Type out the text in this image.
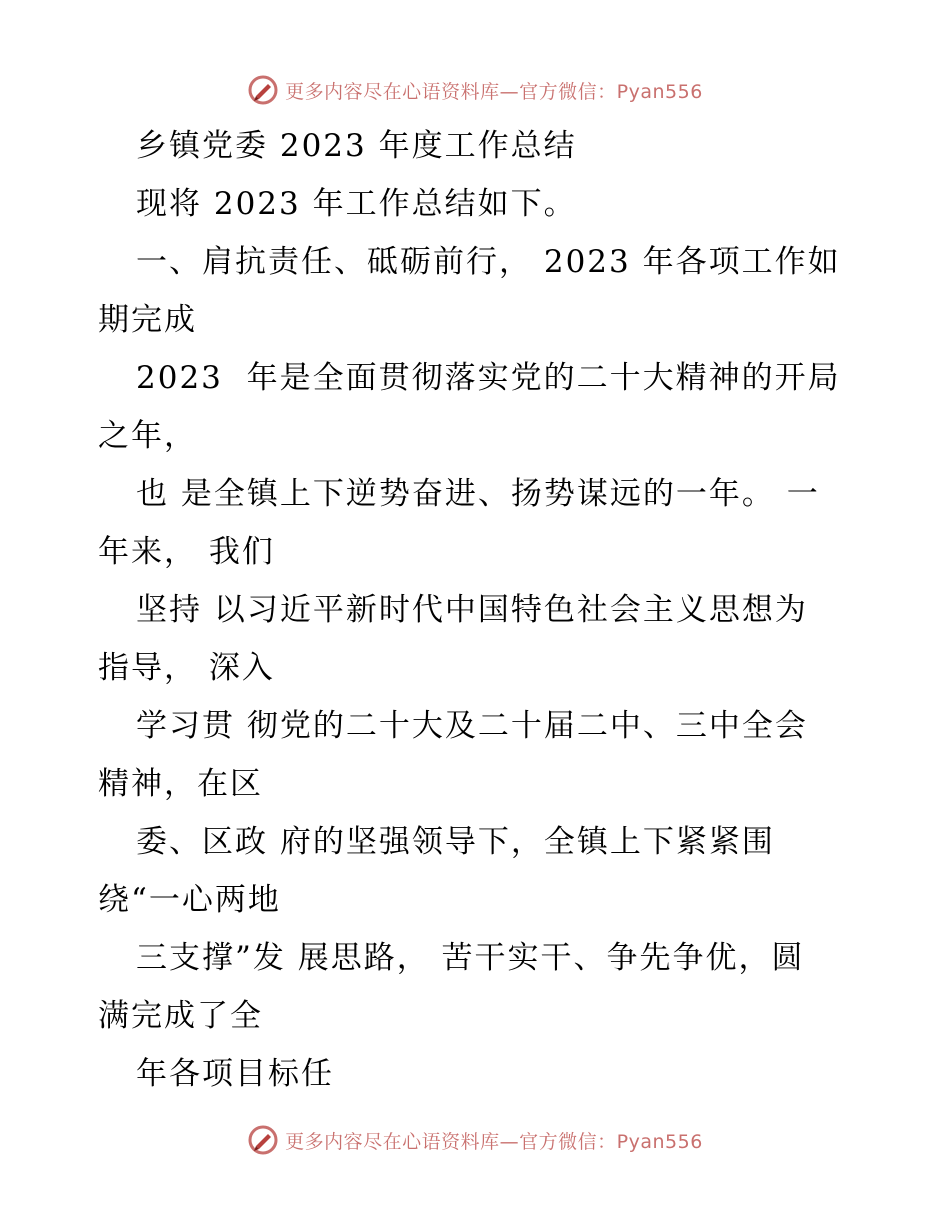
更多内容尽在心语资料库—官方微信：Pyan556
乡镇党委 2023 年度工作总结
现将 2023 年工作总结如下。
一、肩抗责任、砥砺前行， 2023 年各项工作如
期完成
2023  年是全面贯彻落实党的二十大精神的开局
之年，
也 是全镇上下逆势奋进、扬势谋远的一年。 一
年来， 我们
坚持 以习近平新时代中国特色社会主义思想为
指导， 深入
学习贯 彻党的二十大及二十届二中、三中全会
精神，在区
委、区政 府的坚强领导下，全镇上下紧紧围
绕“一心两地
三支撑”发 展思路， 苦干实干、争先争优，圆
满完成了全
年各项目标任
更多内容尽在心语资料库—官方微信：Pyan556
